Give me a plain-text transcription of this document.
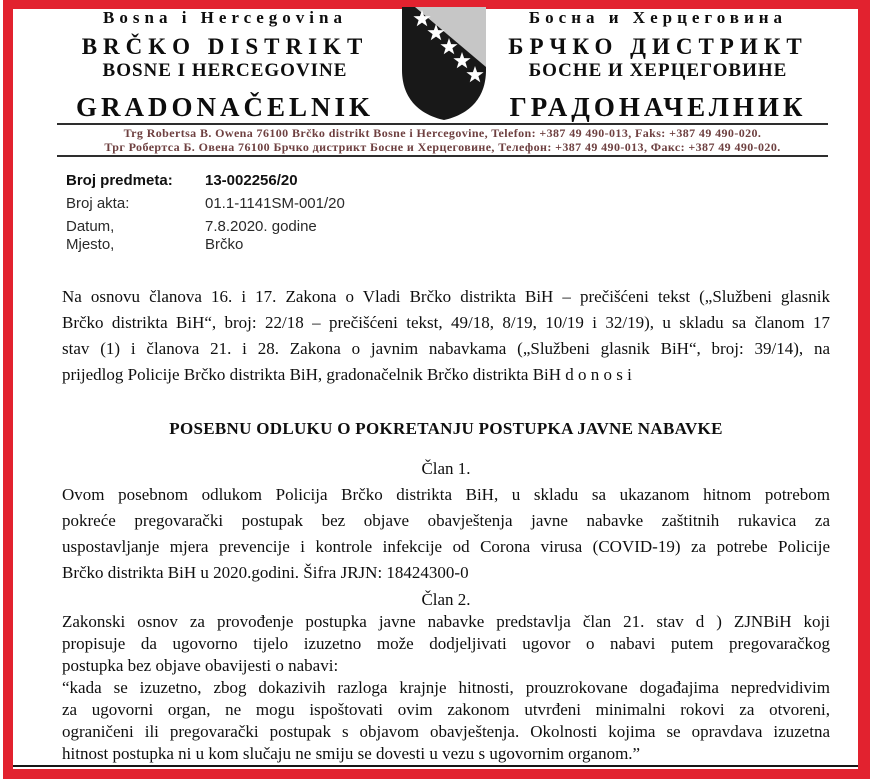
Bosna i Hercegovina
BRČKO DISTRIKT
BOSNE I HERCEGOVINE
GRADONAČELNIK
Босна и Херцеговина
БРЧКО ДИСТРИКТ
БОСНЕ И ХЕРЦЕГОВИНЕ
ГРАДОНАЧЕЛНИК
Trg Robertsa B. Owena 76100 Brčko distrikt Bosne i Hercegovine, Telefon: +387 49 490-013, Faks: +387 49 490-020.
Трг Робертса Б. Овена 76100 Брчко дистрикт Босне и Херцеговине, Телефон: +387 49 490-013, Факс: +387 49 490-020.
Broj predmeta:	13-002256/20
Broj akta:	01.1-1141SM-001/20
Datum,	7.8.2020. godine
Mjesto,	Brčko
Na osnovu članova 16. i 17. Zakona o Vladi Brčko distrikta BiH – prečišćeni tekst („Službeni glasnik
Brčko distrikta BiH“, broj: 22/18 – prečišćeni tekst, 49/18, 8/19, 10/19 i 32/19), u skladu sa članom 17
stav (1) i članova 21. i 28. Zakona o javnim nabavkama („Službeni glasnik BiH“, broj: 39/14), na
prijedlog Policije Brčko distrikta BiH, gradonačelnik Brčko distrikta BiH d o n o s i
POSEBNU ODLUKU O POKRETANJU POSTUPKA JAVNE NABAVKE
Član 1.
Ovom posebnom odlukom Policija Brčko distrikta BiH, u skladu sa ukazanom hitnom potrebom
pokreće pregovarački postupak bez objave obavještenja javne nabavke zaštitnih rukavica za
uspostavljanje mjera prevencije i kontrole infekcije od Corona virusa (COVID-19) za potrebe Policije
Brčko distrikta BiH u 2020.godini. Šifra JRJN: 18424300-0
Član 2.
Zakonski osnov za provođenje postupka javne nabavke predstavlja član 21. stav d ) ZJNBiH koji
propisuje da ugovorno tijelo izuzetno može dodjeljivati ugovor o nabavi putem pregovaračkog
postupka bez objave obavijesti o nabavi:
“kada se izuzetno, zbog dokazivih razloga krajnje hitnosti, prouzrokovane događajima nepredvidivim
za ugovorni organ, ne mogu ispoštovati ovim zakonom utvrđeni minimalni rokovi za otvoreni,
ograničeni ili pregovarački postupak s objavom obavještenja. Okolnosti kojima se opravdava izuzetna
hitnost postupka ni u kom slučaju ne smiju se dovesti u vezu s ugovornim organom.”
